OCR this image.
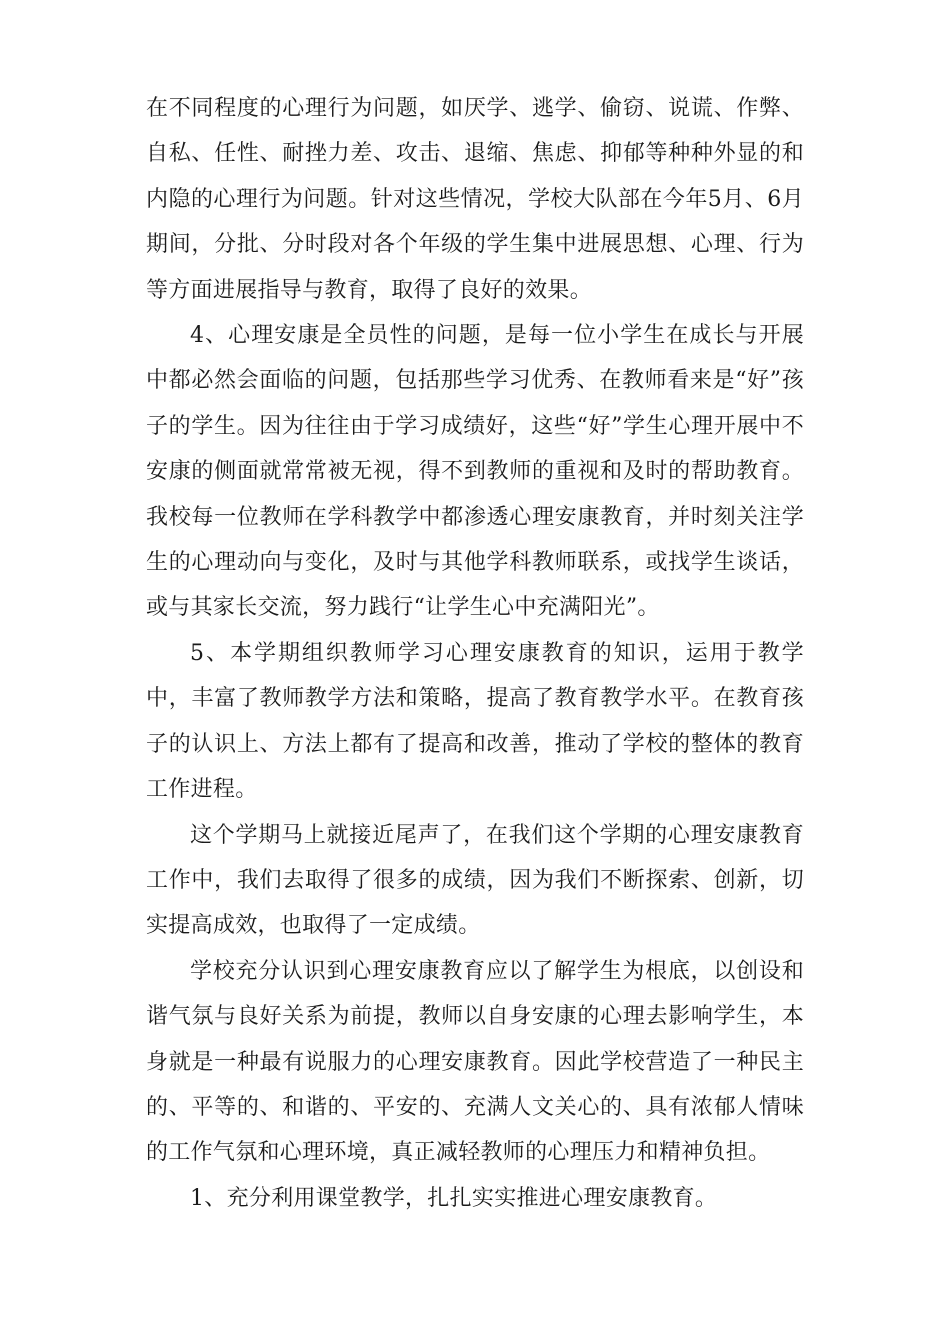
在不同程度的心理行为问题，如厌学、逃学、偷窃、说谎、作弊、自私、任性、耐挫力差、攻击、退缩、焦虑、抑郁等种种外显的和内隐的心理行为问题。针对这些情况，学校大队部在今年5月、6月期间，分批、分时段对各个年级的学生集中进展思想、心理、行为等方面进展指导与教育，取得了良好的效果。

4、心理安康是全员性的问题，是每一位小学生在成长与开展中都必然会面临的问题，包括那些学习优秀、在教师看来是“好”孩子的学生。因为往往由于学习成绩好，这些“好”学生心理开展中不安康的侧面就常常被无视，得不到教师的重视和及时的帮助教育。我校每一位教师在学科教学中都渗透心理安康教育，并时刻关注学生的心理动向与变化，及时与其他学科教师联系，或找学生谈话，或与其家长交流，努力践行“让学生心中充满阳光”。

5、本学期组织教师学习心理安康教育的知识，运用于教学中，丰富了教师教学方法和策略，提高了教育教学水平。在教育孩子的认识上、方法上都有了提高和改善，推动了学校的整体的教育工作进程。

这个学期马上就接近尾声了，在我们这个学期的心理安康教育工作中，我们去取得了很多的成绩，因为我们不断探索、创新，切实提高成效，也取得了一定成绩。

学校充分认识到心理安康教育应以了解学生为根底，以创设和谐气氛与良好关系为前提，教师以自身安康的心理去影响学生，本身就是一种最有说服力的心理安康教育。因此学校营造了一种民主的、平等的、和谐的、平安的、充满人文关心的、具有浓郁人情味的工作气氛和心理环境，真正减轻教师的心理压力和精神负担。

1、充分利用课堂教学，扎扎实实推进心理安康教育。
